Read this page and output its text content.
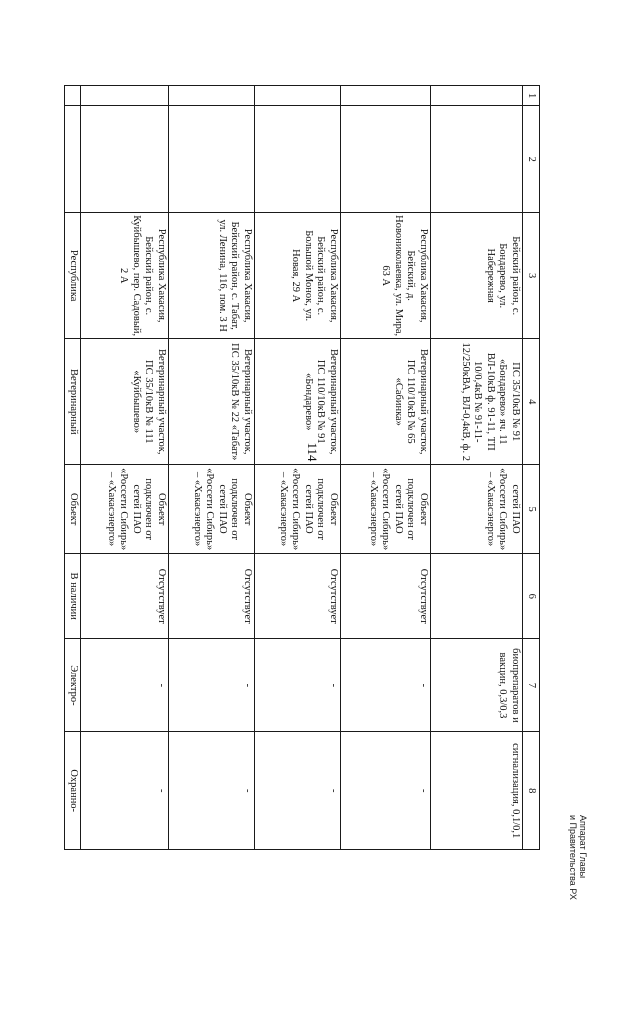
114
1	2	3	4	5	6	7	8
		Бейский район, с. Бондарево, ул. Набережная	ПС 35/10кВ № 91 «Бондарево» яч. 11 ВЛ-10кВ ф. 91-11, ТП 10/0,4кВ № 91-11-12/250кВА, ВЛ-0,4кВ, ф. 2	сетей ПАО «Россети Сибирь» – «Хакасэнерго»		биопрепаратов и вакцин, 0,3/0,3	сигнализация, 0,1/0,1
		Республика Хакасия, Бейский, д. Новониколаевка, ул. Мира, 63 А	Ветеринарный участок, ПС 110/10кВ № 65 «Сабинка»	Объект подключен от сетей ПАО «Россети Сибирь» – «Хакасэнерго»	Отсутствует	-	-
		Республика Хакасия, Бейский район, с. Большой Монок, ул. Новая, 29 А	Ветеринарный участок, ПС 110/10кВ № 91 «Бондарево»	Объект подключен от сетей ПАО «Россети Сибирь» – «Хакасэнерго»	Отсутствует	-	-
		Республика Хакасия, Бейский район, с. Табат, ул. Ленина, 116, пом. 3 Н	Ветеринарный участок, ПС 35/10кВ № 22 «Табат»	Объект подключен от сетей ПАО «Россети Сибирь» – «Хакасэнерго»	Отсутствует	-	-
		Республика Хакасия, Бейский район, с. Куйбышево, пер. Садовый, 2 А	Ветеринарный участок, ПС 35/10кВ № 111 «Куйбышево»	Объект подключен от сетей ПАО «Россети Сибирь» – «Хакасэнерго»	Отсутствует	-	-
		Республика	Ветеринарный	Объект	В наличии	Электро-	Охранно-
Аппарат Главы
и Правительства РХ
